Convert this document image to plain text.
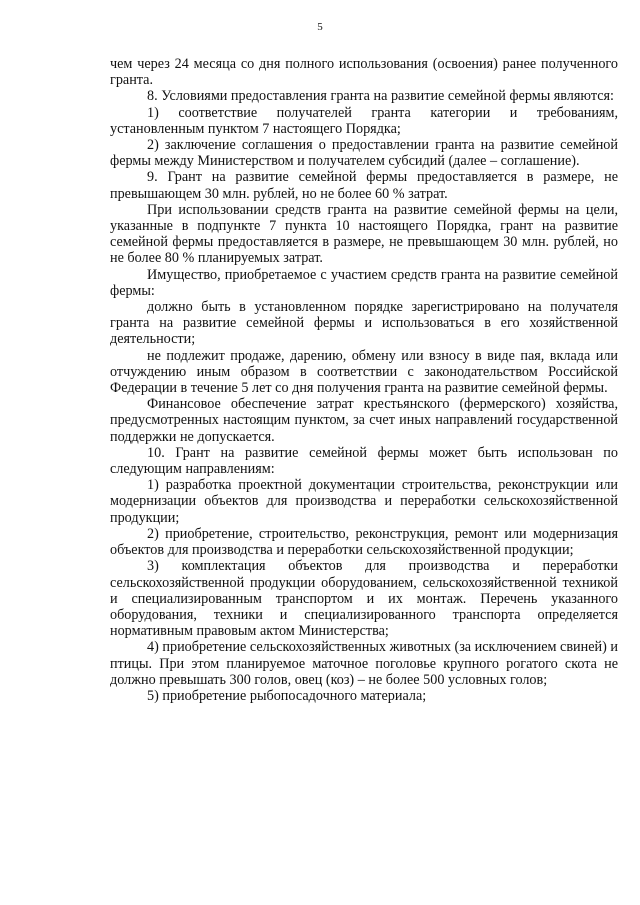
5

чем через 24 месяца со дня полного использования (освоения) ранее полученного гранта.

8. Условиями предоставления гранта на развитие семейной фермы являются:

1) соответствие получателей гранта категории и требованиям, установленным пунктом 7 настоящего Порядка;

2) заключение соглашения о предоставлении гранта на развитие семейной фермы между Министерством и получателем субсидий (далее – соглашение).

9. Грант на развитие семейной фермы предоставляется в размере, не превышающем 30 млн. рублей, но не более 60 % затрат.

При использовании средств гранта на развитие семейной фермы на цели, указанные в подпункте 7 пункта 10 настоящего Порядка, грант на развитие семейной фермы предоставляется в размере, не превышающем 30 млн. рублей, но не более 80 % планируемых затрат.

Имущество, приобретаемое с участием средств гранта на развитие семейной фермы:

должно быть в установленном порядке зарегистрировано на получателя гранта на развитие семейной фермы и использоваться в его хозяйственной деятельности;

не подлежит продаже, дарению, обмену или взносу в виде пая, вклада или отчуждению иным образом в соответствии с законодательством Российской Федерации в течение 5 лет со дня получения гранта на развитие семейной фермы.

Финансовое обеспечение затрат крестьянского (фермерского) хозяйства, предусмотренных настоящим пунктом, за счет иных направлений государственной поддержки не допускается.

10. Грант на развитие семейной фермы может быть использован по следующим направлениям:

1) разработка проектной документации строительства, реконструкции или модернизации объектов для производства и переработки сельскохозяйственной продукции;

2) приобретение, строительство, реконструкция, ремонт или модернизация объектов для производства и переработки сельскохозяйственной продукции;

3) комплектация объектов для производства и переработки сельскохозяйственной продукции оборудованием, сельскохозяйственной техникой и специализированным транспортом и их монтаж. Перечень указанного оборудования, техники и специализированного транспорта определяется нормативным правовым актом Министерства;

4) приобретение сельскохозяйственных животных (за исключением свиней) и птицы. При этом планируемое маточное поголовье крупного рогатого скота не должно превышать 300 голов, овец (коз) – не более 500 условных голов;

5) приобретение рыбопосадочного материала;
